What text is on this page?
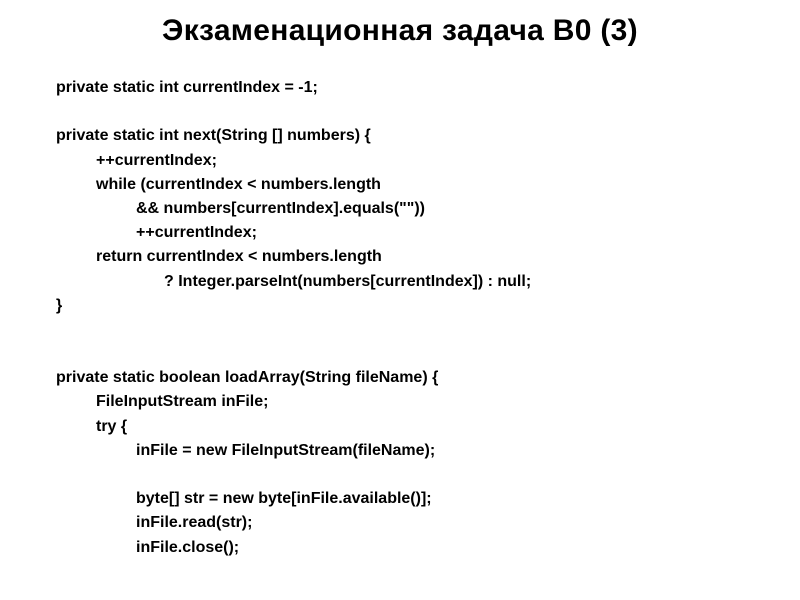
Экзаменационная задача B0 (3)
private static int currentIndex = -1;
private static int next(String [] numbers) {
++currentIndex;
while (currentIndex < numbers.length
&& numbers[currentIndex].equals(""))
++currentIndex;
return currentIndex < numbers.length
? Integer.parseInt(numbers[currentIndex]) : null;
}
private static boolean loadArray(String fileName) {
FileInputStream inFile;
try {
inFile = new FileInputStream(fileName);
byte[] str = new byte[inFile.available()];
inFile.read(str);
inFile.close();
